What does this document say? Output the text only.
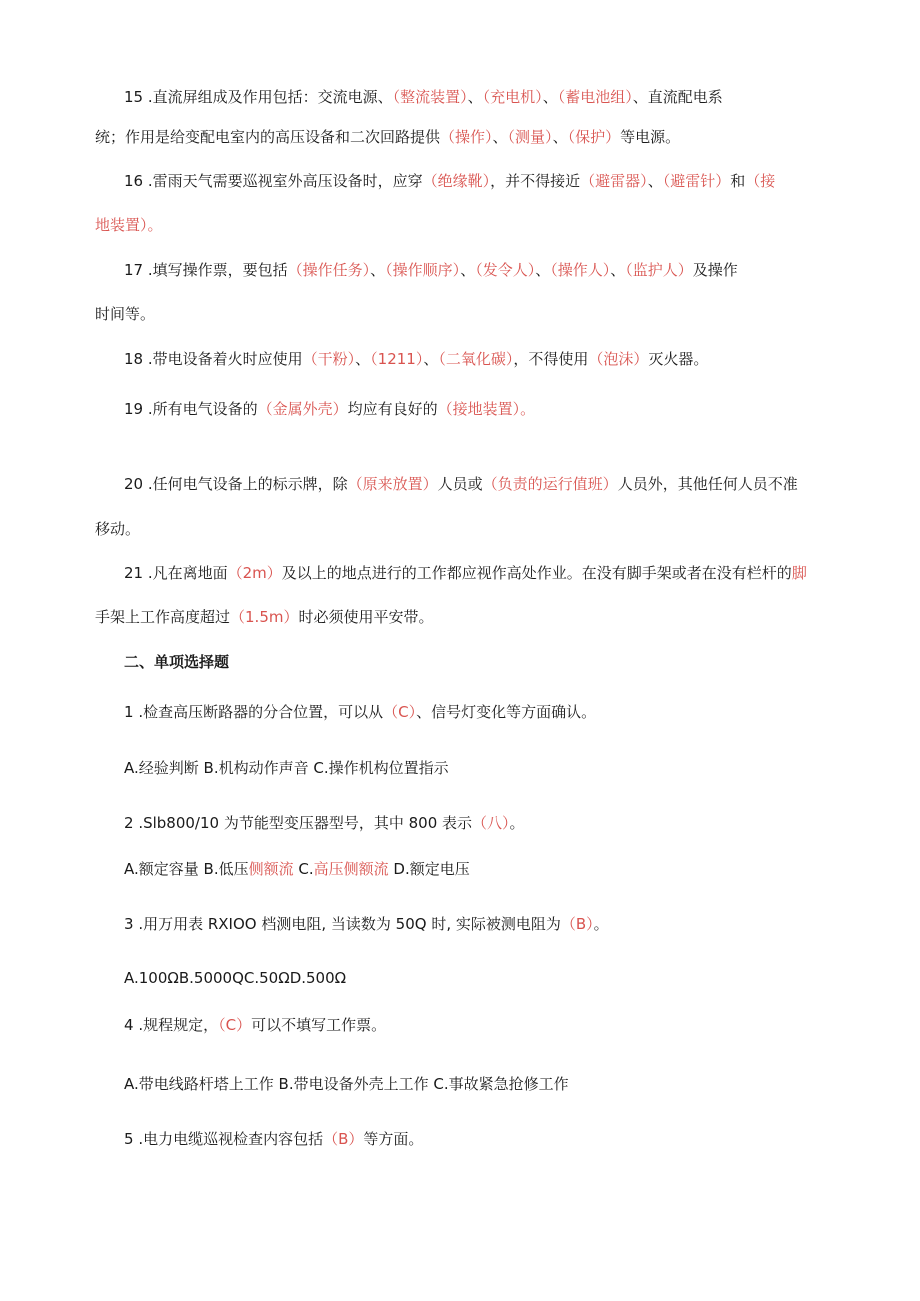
15 .直流屏组成及作用包括：交流电源、（整流装置）、（充电机）、（蓄电池组）、直流配电系
统；作用是给变配电室内的高压设备和二次回路提供（操作）、（测量）、（保护）等电源。
16 .雷雨天气需要巡视室外高压设备时，应穿（绝缘靴），并不得接近（避雷器）、（避雷针）和（接
地装置）。
17 .填写操作票，要包括（操作任务）、（操作顺序）、（发令人）、（操作人）、（监护人）及操作
时间等。
18 .带电设备着火时应使用（干粉）、（1211）、（二氧化碳），不得使用（泡沫）灭火器。
19 .所有电气设备的（金属外壳）均应有良好的（接地装置）。
20 .任何电气设备上的标示牌，除（原来放置）人员或（负责的运行值班）人员外，其他任何人员不准
移动。
21 .凡在离地面（2m）及以上的地点进行的工作都应视作高处作业。在没有脚手架或者在没有栏杆的脚
手架上工作高度超过（1.5m）时必须使用平安带。
二、单项选择题
1 .检查高压断路器的分合位置，可以从（C）、信号灯变化等方面确认。
A.经验判断 B.机构动作声音 C.操作机构位置指示
2 .Slb800/10 为节能型变压器型号，其中 800 表示（八）。
A.额定容量 B.低压侧额流 C.高压侧额流 D.额定电压
3 .用万用表 RXIOO 档测电阻, 当读数为 50Q 时, 实际被测电阻为（B）。
A.100ΩB.5000QC.50ΩD.500Ω
4 .规程规定，（C）可以不填写工作票。
A.带电线路杆塔上工作 B.带电设备外壳上工作 C.事故紧急抢修工作
5 .电力电缆巡视检查内容包括（B）等方面。
